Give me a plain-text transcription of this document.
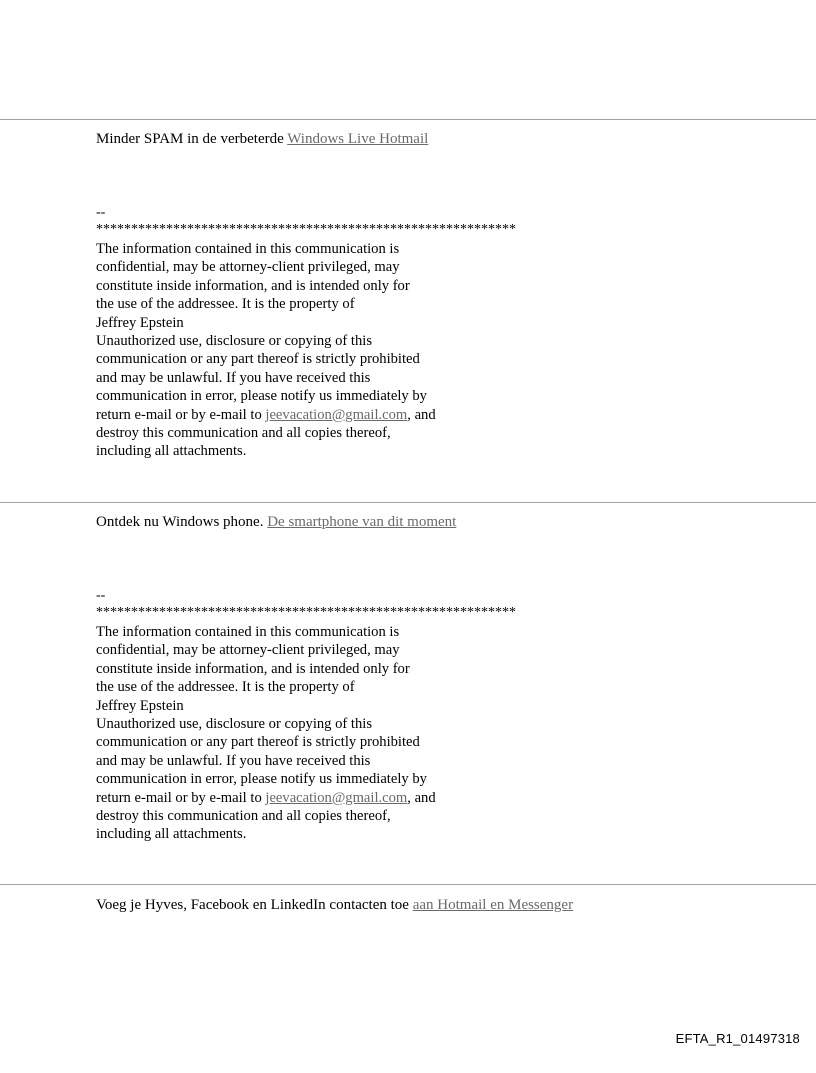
Minder SPAM in de verbeterde Windows Live Hotmail
--
************************************************************
The information contained in this communication is
confidential, may be attorney-client privileged, may
constitute inside information, and is intended only for
the use of the addressee. It is the property of
Jeffrey Epstein
Unauthorized use, disclosure or copying of this
communication or any part thereof is strictly prohibited
and may be unlawful. If you have received this
communication in error, please notify us immediately by
return e-mail or by e-mail to jeevacation@gmail.com, and
destroy this communication and all copies thereof,
including all attachments.
Ontdek nu Windows phone. De smartphone van dit moment
--
************************************************************
The information contained in this communication is
confidential, may be attorney-client privileged, may
constitute inside information, and is intended only for
the use of the addressee. It is the property of
Jeffrey Epstein
Unauthorized use, disclosure or copying of this
communication or any part thereof is strictly prohibited
and may be unlawful. If you have received this
communication in error, please notify us immediately by
return e-mail or by e-mail to jeevacation@gmail.com, and
destroy this communication and all copies thereof,
including all attachments.
Voeg je Hyves, Facebook en LinkedIn contacten toe aan Hotmail en Messenger
EFTA_R1_01497318
